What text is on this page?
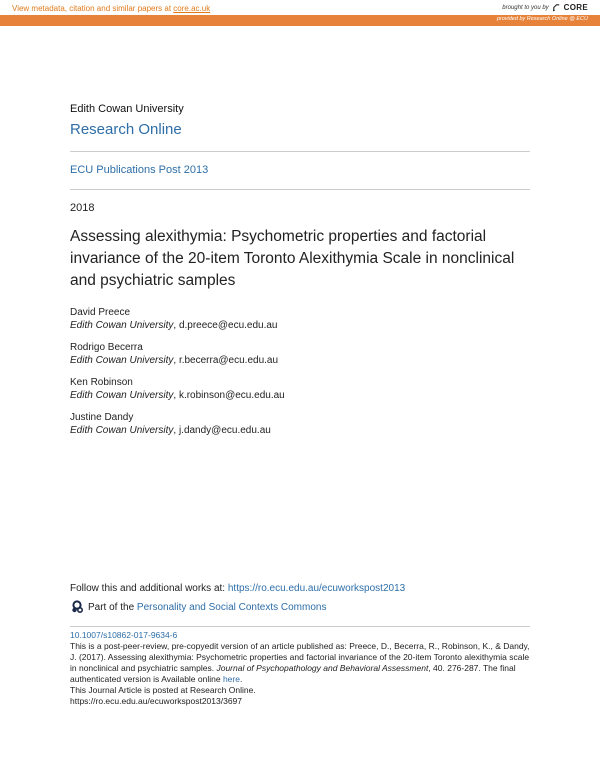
View metadata, citation and similar papers at core.ac.uk	brought to you by CORE
provided by Research Online @ ECU
Edith Cowan University
Research Online
ECU Publications Post 2013
2018
Assessing alexithymia: Psychometric properties and factorial invariance of the 20-item Toronto Alexithymia Scale in nonclinical and psychiatric samples
David Preece
Edith Cowan University, d.preece@ecu.edu.au
Rodrigo Becerra
Edith Cowan University, r.becerra@ecu.edu.au
Ken Robinson
Edith Cowan University, k.robinson@ecu.edu.au
Justine Dandy
Edith Cowan University, j.dandy@ecu.edu.au
Follow this and additional works at: https://ro.ecu.edu.au/ecuworkspost2013
Part of the Personality and Social Contexts Commons
10.1007/s10862-017-9634-6
This is a post-peer-review, pre-copyedit version of an article published as: Preece, D., Becerra, R., Robinson, K., & Dandy, J. (2017). Assessing alexithymia: Psychometric properties and factorial invariance of the 20-item Toronto alexithymia scale in nonclinical and psychiatric samples. Journal of Psychopathology and Behavioral Assessment, 40. 276-287. The final authenticated version is Available online here.
This Journal Article is posted at Research Online.
https://ro.ecu.edu.au/ecuworkspost2013/3697
